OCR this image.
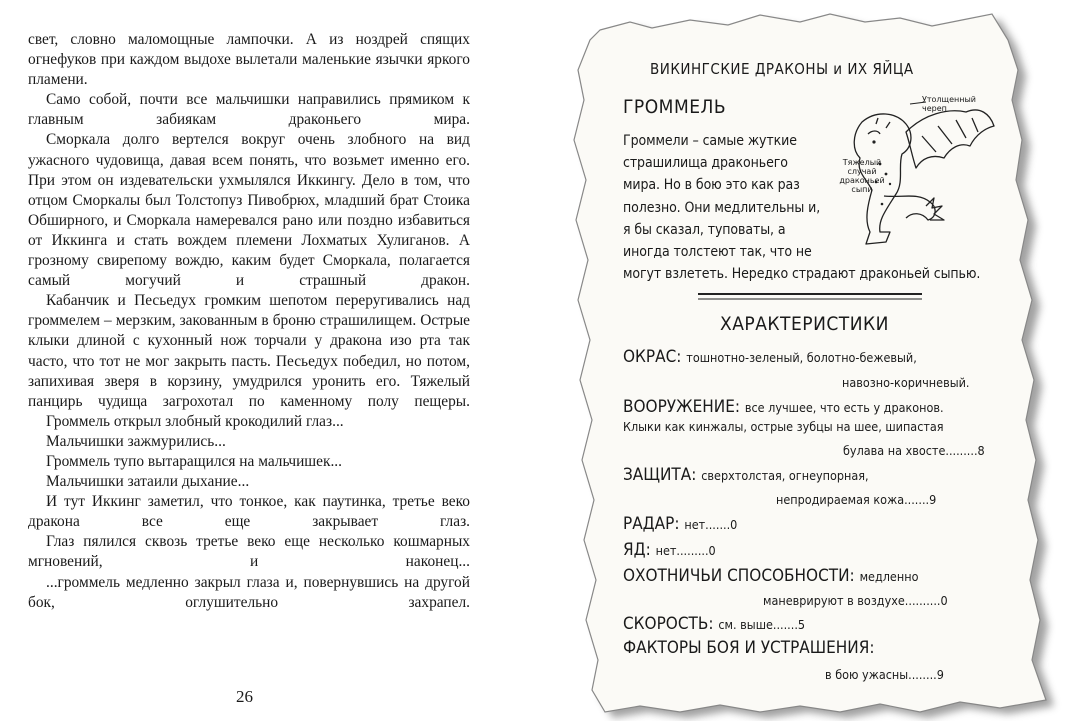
свет, словно маломощные лампочки. А из ноздрей спящих огнефуков при каждом выдохе вылетали маленькие язычки яркого пламени.

Само собой, почти все мальчишки направились прямиком к главным забиякам драконьего мира.

Сморкала долго вертелся вокруг очень злобного на вид ужасного чудовища, давая всем понять, что возьмет именно его. При этом он издевательски ухмылялся Иккингу. Дело в том, что отцом Сморкалы был Толстопуз Пивобрюх, младший брат Стоика Обширного, и Сморкала намеревался рано или поздно избавиться от Иккинга и стать вождем племени Лохматых Хулиганов. А грозному свирепому вождю, каким будет Сморкала, полагается самый могучий и страшный дракон.

Кабанчик и Песьедух громким шепотом переругивались над громмелем – мерзким, закованным в броню страшилищем. Острые клыки длиной с кухонный нож торчали у дракона изо рта так часто, что тот не мог закрыть пасть. Песьедух победил, но потом, запихивая зверя в корзину, умудрился уронить его. Тяжелый панцирь чудища загрохотал по каменному полу пещеры.

Громмель открыл злобный крокодилий глаз...

Мальчишки зажмурились...

Громмель тупо вытаращился на мальчишек...

Мальчишки затаили дыхание...

И тут Иккинг заметил, что тонкое, как паутинка, третье веко дракона все еще закрывает глаз.

Глаз пялился сквозь третье веко еще несколько кошмарных мгновений, и наконец...

...громмель медленно закрыл глаза и, повернувшись на другой бок, оглушительно захрапел.

26
ВИКИНГСКИЕ ДРАКОНЫ и ИХ ЯЙЦА
ГРОММЕЛЬ	Утолщенный череп
Тяжелый случай драконьей сыпи
Громмели – самые жуткие
страшилища драконьего
мира. Но в бою это как раз
полезно. Они медлительны и,
я бы сказал, туповаты, а
иногда толстеют так, что не
могут взлететь. Нередко страдают драконьей сыпью.
ХАРАКТЕРИСТИКИ
ОКРАС: тошнотно-зеленый, болотно-бежевый,
навозно-коричневый.
ВООРУЖЕНИЕ: все лучшее, что есть у драконов.
Клыки как кинжалы, острые зубцы на шее, шипастая
булава на хвосте.........8
ЗАЩИТА: сверхтолстая, огнеупорная,
непродираемая кожа.......9
РАДАР: нет.......0
ЯД: нет.........0
ОХОТНИЧЬИ СПОСОБНОСТИ: медленно
маневрируют в воздухе..........0
СКОРОСТЬ: см. выше.......5
ФАКТОРЫ БОЯ И УСТРАШЕНИЯ:
в бою ужасны........9
